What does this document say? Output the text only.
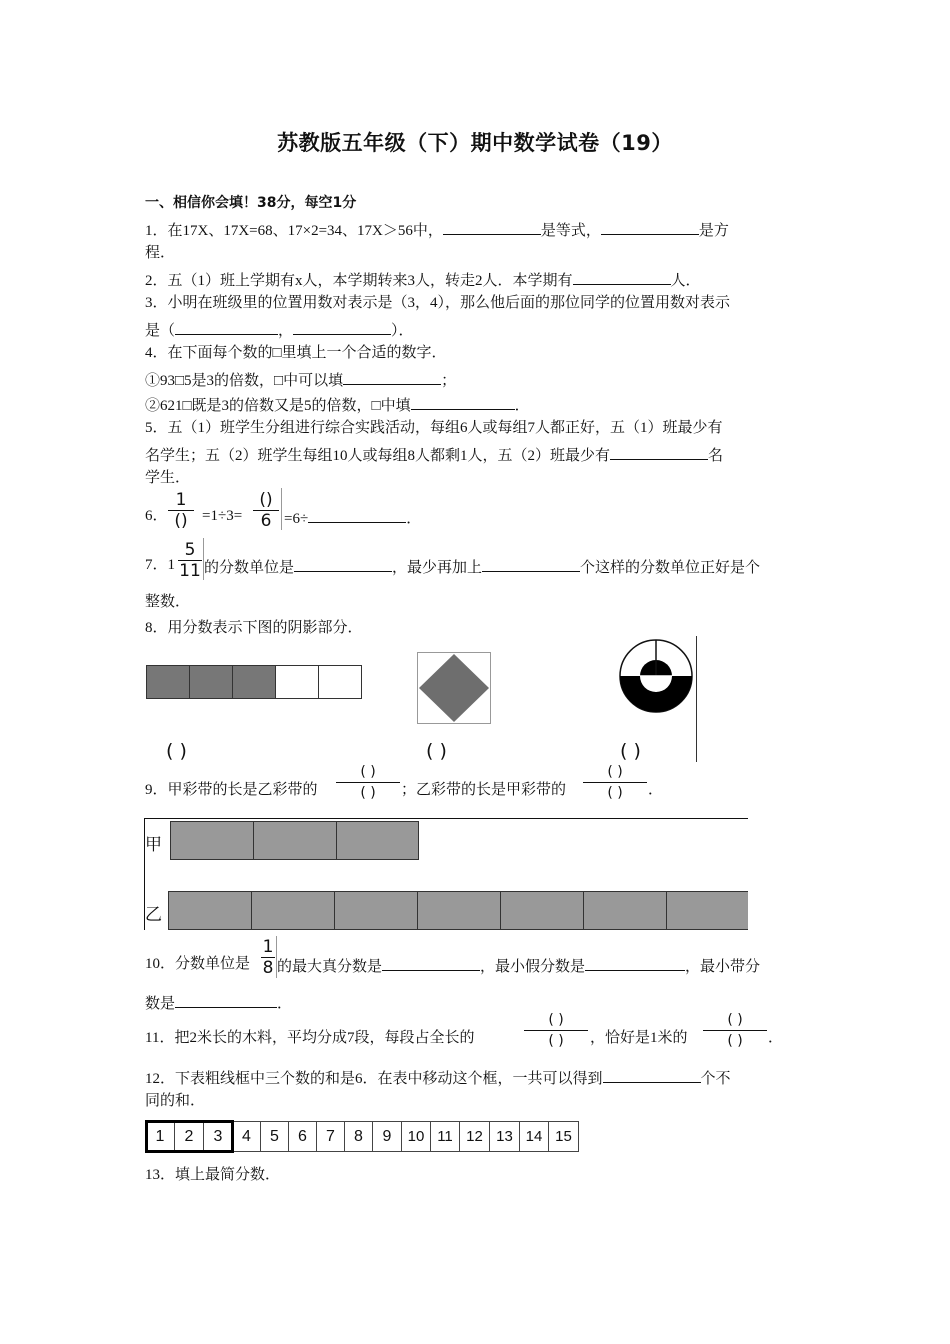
苏教版五年级（下）期中数学试卷（19）
一、相信你会填！38分，每空1分
1．在17X、17X=68、17×2=34、17X＞56中，	是等式，	是方
程．
2．五（1）班上学期有x人，本学期转来3人，转走2人．本学期有	人．
3．小明在班级里的位置用数对表示是（3，4），那么他后面的那位同学的位置用数对表示
是（	，	）．
4．在下面每个数的□里填上一个合适的数字．
①93□5是3的倍数，□中可以填	；
②621□既是3的倍数又是5的倍数，□中填	．
5．五（1）班学生分组进行综合实践活动，每组6人或每组7人都正好，五（1）班最少有
名学生；五（2）班学生每组10人或每组8人都剩1人，五（2）班最少有	名
学生．
6．
1
() =1÷3=
()
6 =6÷	．
7．1
5
11 的分数单位是	，最少再加上	个这样的分数单位正好是个
整数．
8．用分数表示下图的阴影部分．
( )	( )	( )
9．甲彩带的长是乙彩带的
( )
( )	；乙彩带的长是甲彩带的
( )
( )	．
甲
乙
10．分数单位是
1
8 的最大真分数是	，最小假分数是	，最小带分
数是	．
11．把2米长的木料，平均分成7段，每段占全长的
( )
( )	，恰好是1米的
( )
( )	．
12．下表粗线框中三个数的和是6．在表中移动这个框，一共可以得到	个不
同的和．
1	2	3	4	5	6	7	8	9	10 11 12 13 14 15
13．填上最简分数．
